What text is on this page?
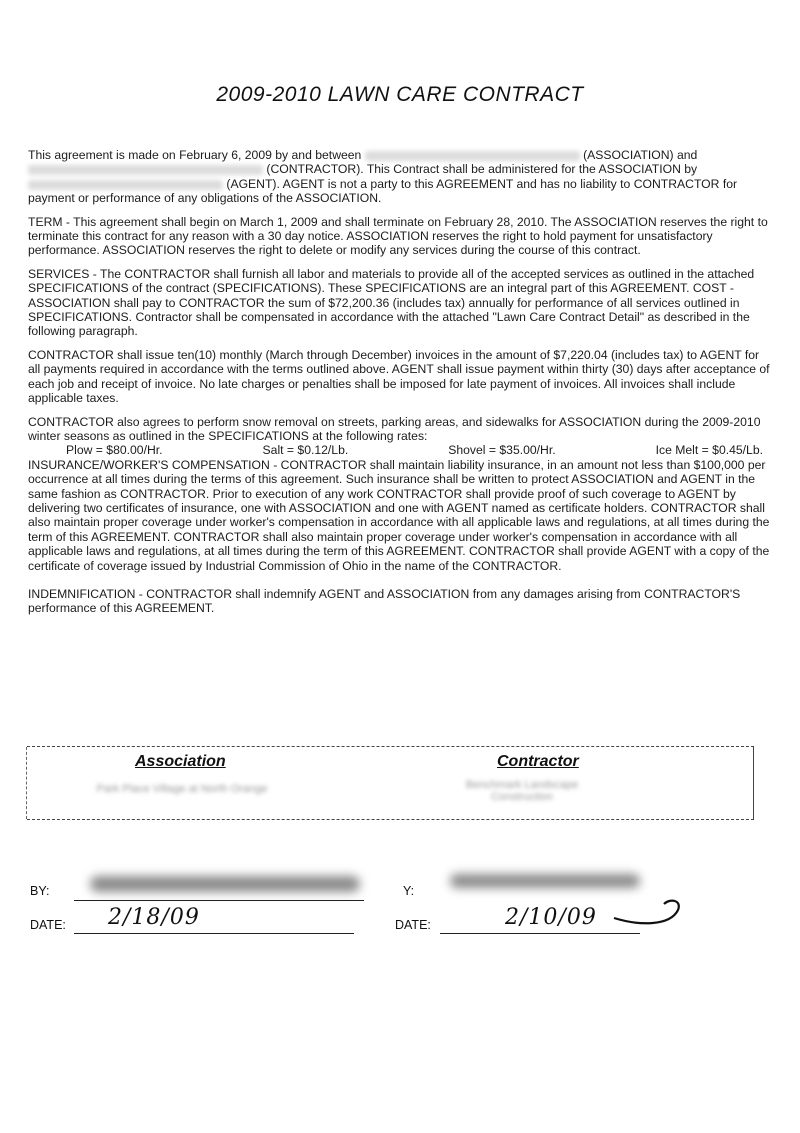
2009-2010 LAWN CARE CONTRACT

This agreement is made on February 6, 2009 by and between	(ASSOCIATION) and  (CONTRACTOR). This Contract shall be administered for the ASSOCIATION by  (AGENT). AGENT is not a party to this AGREEMENT and has no liability to CONTRACTOR for payment or performance of any obligations of the ASSOCIATION.

TERM - This agreement shall begin on March 1, 2009 and shall terminate on February 28, 2010. The ASSOCIATION reserves the right to terminate this contract for any reason with a 30 day notice. ASSOCIATION reserves the right to hold payment for unsatisfactory performance. ASSOCIATION reserves the right to delete or modify any services during the course of this contract.

SERVICES - The CONTRACTOR shall furnish all labor and materials to provide all of the accepted services as outlined in the attached SPECIFICATIONS of the contract (SPECIFICATIONS). These SPECIFICATIONS are an integral part of this AGREEMENT. COST - ASSOCIATION shall pay to CONTRACTOR the sum of $72,200.36 (includes tax) annually for performance of all services outlined in SPECIFICATIONS. Contractor shall be compensated in accordance with the attached "Lawn Care Contract Detail" as described in the following paragraph.

CONTRACTOR shall issue ten(10) monthly (March through December) invoices in the amount of $7,220.04 (includes tax) to AGENT for all payments required in accordance with the terms outlined above. AGENT shall issue payment within thirty (30) days after acceptance of each job and receipt of invoice. No late charges or penalties shall be imposed for late payment of invoices. All invoices shall include applicable taxes.

CONTRACTOR also agrees to perform snow removal on streets, parking areas, and sidewalks for ASSOCIATION during the 2009-2010 winter seasons as outlined in the SPECIFICATIONS at the following rates:

Plow = $80.00/Hr.	Salt = $0.12/Lb.	Shovel = $35.00/Hr.	Ice Melt = $0.45/Lb.

INSURANCE/WORKER'S COMPENSATION - CONTRACTOR shall maintain liability insurance, in an amount not less than $100,000 per occurrence at all times during the terms of this agreement. Such insurance shall be written to protect ASSOCIATION and AGENT in the same fashion as CONTRACTOR. Prior to execution of any work CONTRACTOR shall provide proof of such coverage to AGENT by delivering two certificates of insurance, one with ASSOCIATION and one with AGENT named as certificate holders. CONTRACTOR shall also maintain proper coverage under worker's compensation in accordance with all applicable laws and regulations, at all times during the term of this AGREEMENT. CONTRACTOR shall also maintain proper coverage under worker's compensation in accordance with all applicable laws and regulations, at all times during the term of this AGREEMENT. CONTRACTOR shall provide AGENT with a copy of the certificate of coverage issued by Industrial Commission of Ohio in the name of the CONTRACTOR.

INDEMNIFICATION - CONTRACTOR shall indemnify AGENT and ASSOCIATION from any damages arising from CONTRACTOR'S performance of this AGREEMENT.

Association	Contractor
Park Place Village at North Orange	Benchmark Landscape Construction
BY:	Y:
DATE: 2/18/09	DATE:	2/10/09
